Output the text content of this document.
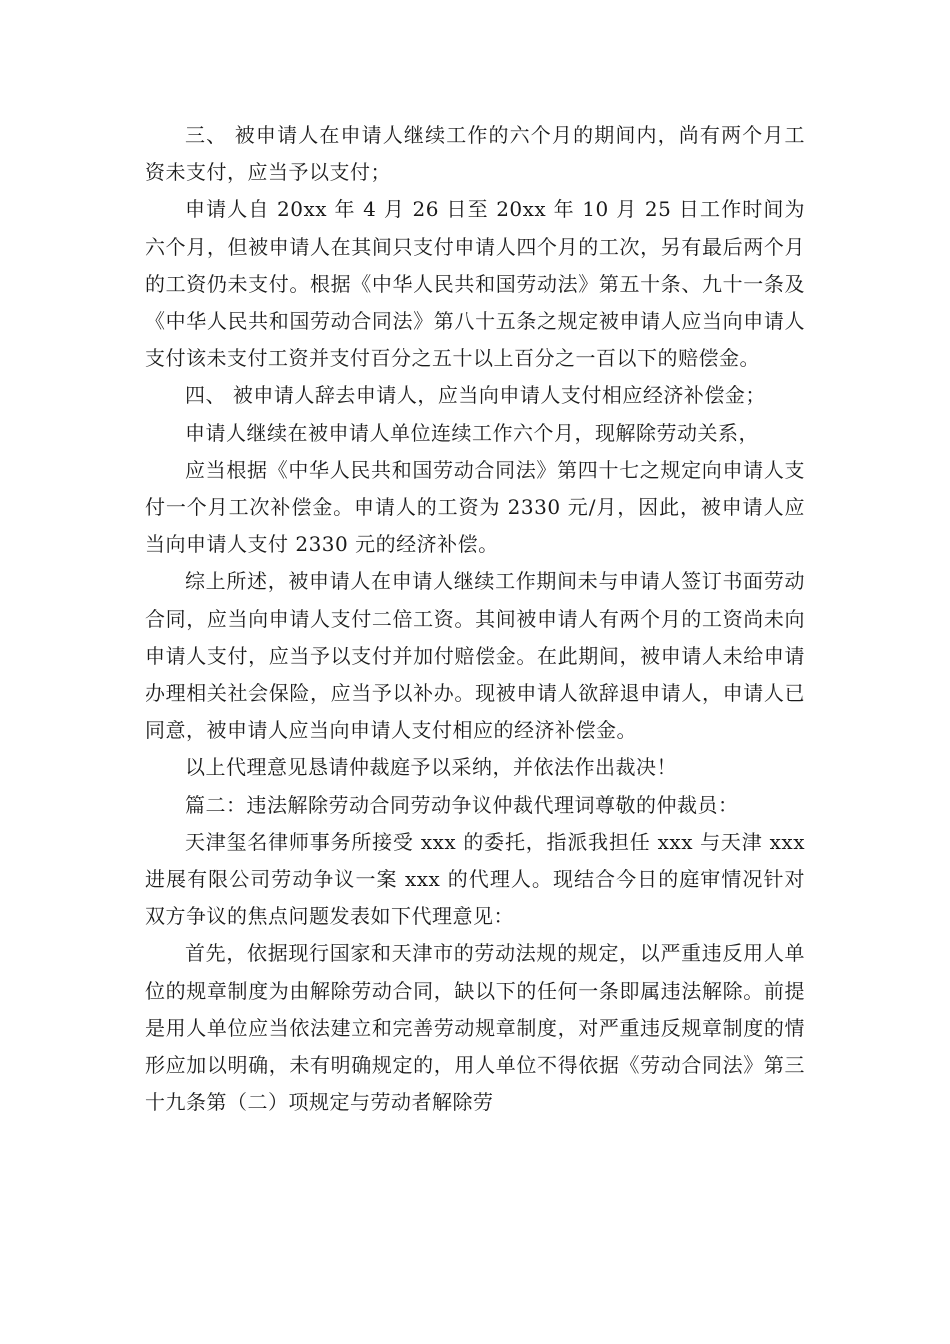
三、 被申请人在申请人继续工作的六个月的期间内，尚有两个月工资未支付，应当予以支付；

申请人自 20xx 年 4 月 26 日至 20xx 年 10 月 25 日工作时间为六个月，但被申请人在其间只支付申请人四个月的工次，另有最后两个月的工资仍未支付。根据《中华人民共和国劳动法》第五十条、九十一条及《中华人民共和国劳动合同法》第八十五条之规定被申请人应当向申请人支付该未支付工资并支付百分之五十以上百分之一百以下的赔偿金。

四、 被申请人辞去申请人，应当向申请人支付相应经济补偿金；

申请人继续在被申请人单位连续工作六个月，现解除劳动关系，

应当根据《中华人民共和国劳动合同法》第四十七之规定向申请人支付一个月工次补偿金。申请人的工资为 2330 元/月，因此，被申请人应当向申请人支付 2330 元的经济补偿。

综上所述，被申请人在申请人继续工作期间未与申请人签订书面劳动合同，应当向申请人支付二倍工资。其间被申请人有两个月的工资尚未向申请人支付，应当予以支付并加付赔偿金。在此期间，被申请人未给申请办理相关社会保险，应当予以补办。现被申请人欲辞退申请人，申请人已同意，被申请人应当向申请人支付相应的经济补偿金。

以上代理意见恳请仲裁庭予以采纳，并依法作出裁决！

篇二：违法解除劳动合同劳动争议仲裁代理词尊敬的仲裁员：

天津玺名律师事务所接受 xxx 的委托，指派我担任 xxx 与天津 xxx 进展有限公司劳动争议一案 xxx 的代理人。现结合今日的庭审情况针对双方争议的焦点问题发表如下代理意见：

首先，依据现行国家和天津市的劳动法规的规定，以严重违反用人单位的规章制度为由解除劳动合同，缺以下的任何一条即属违法解除。前提是用人单位应当依法建立和完善劳动规章制度，对严重违反规章制度的情形应加以明确，未有明确规定的，用人单位不得依据《劳动合同法》第三十九条第（二）项规定与劳动者解除劳
